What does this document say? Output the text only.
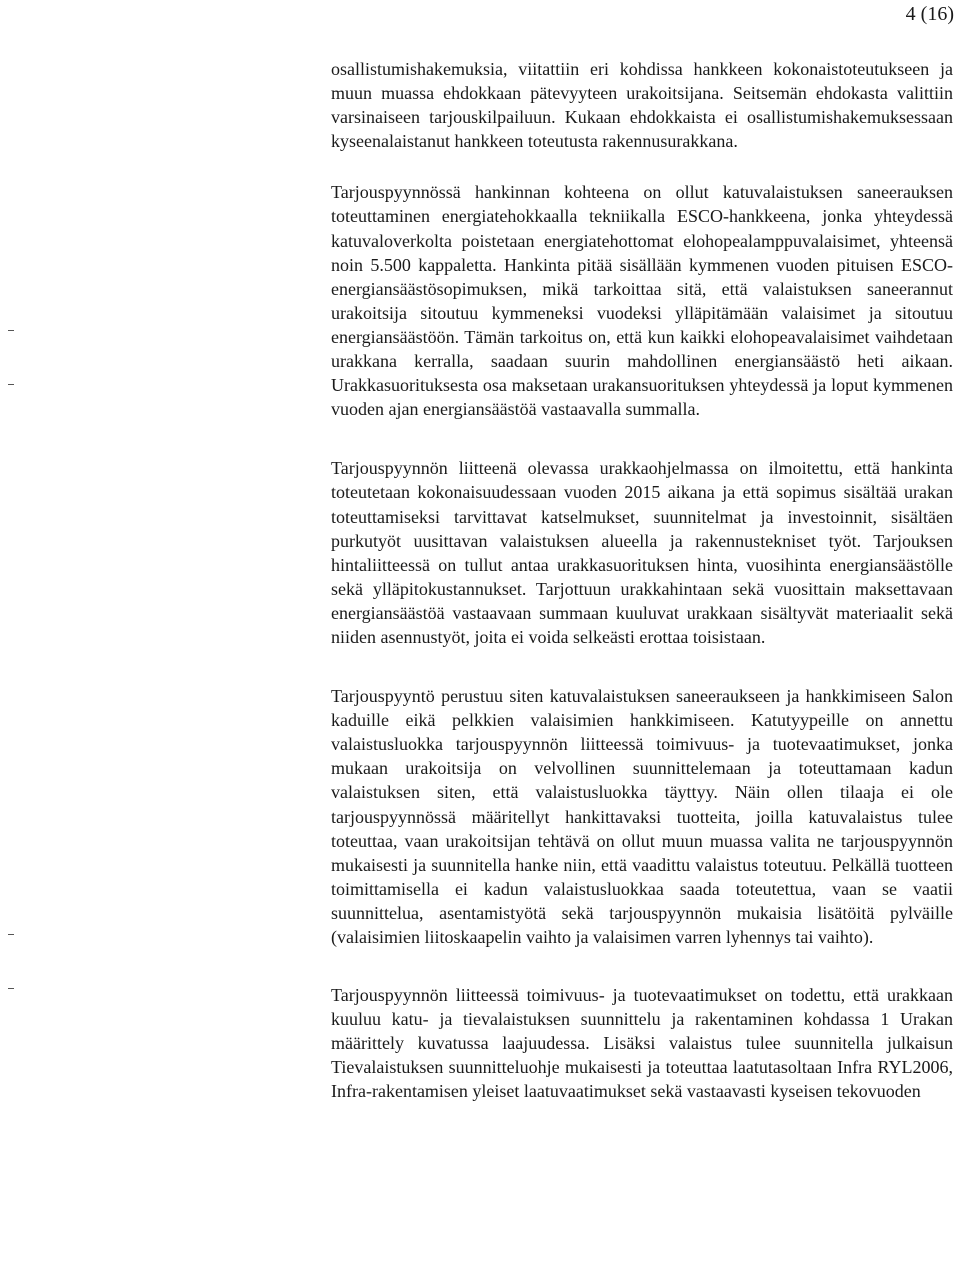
4 (16)

osallistumishakemuksia, viitattiin eri kohdissa hankkeen kokonaistoteutukseen ja muun muassa ehdokkaan pätevyyteen urakoitsijana. Seitsemän ehdokasta valittiin varsinaiseen tarjouskilpailuun. Kukaan ehdokkaista ei osallistumishakemuksessaan kyseenalaistanut hankkeen toteutusta rakennusurakkana.

Tarjouspyynnössä hankinnan kohteena on ollut katuvalaistuksen saneerauksen toteuttaminen energiatehokkaalla tekniikalla ESCO-hankkeena, jonka yhteydessä katuvaloverkolta poistetaan energiatehottomat elohopealamppuvalaisimet, yhteensä noin 5.500 kappaletta. Hankinta pitää sisällään kymmenen vuoden pituisen ESCO-energiansäästösopimuksen, mikä tarkoittaa sitä, että valaistuksen saneerannut urakoitsija sitoutuu kymmeneksi vuodeksi ylläpitämään valaisimet ja sitoutuu energiansäästöön. Tämän tarkoitus on, että kun kaikki elohopeavalaisimet vaihdetaan urakkana kerralla, saadaan suurin mahdollinen energiansäästö heti aikaan. Urakkasuorituksesta osa maksetaan urakansuorituksen yhteydessä ja loput kymmenen vuoden ajan energiansäästöä vastaavalla summalla.

Tarjouspyynnön liitteenä olevassa urakkaohjelmassa on ilmoitettu, että hankinta toteutetaan kokonaisuudessaan vuoden 2015 aikana ja että sopimus sisältää urakan toteuttamiseksi tarvittavat katselmukset, suunnitelmat ja investoinnit, sisältäen purkutyöt uusittavan valaistuksen alueella ja rakennustekniset työt. Tarjouksen hintaliitteessä on tullut antaa urakkasuorituksen hinta, vuosihinta energiansäästölle sekä ylläpitokustannukset. Tarjottuun urakkahintaan sekä vuosittain maksettavaan energiansäästöä vastaavaan summaan kuuluvat urakkaan sisältyvät materiaalit sekä niiden asennustyöt, joita ei voida selkeästi erottaa toisistaan.

Tarjouspyyntö perustuu siten katuvalaistuksen saneeraukseen ja hankkimiseen Salon kaduille eikä pelkkien valaisimien hankkimiseen. Katutyypeille on annettu valaistusluokka tarjouspyynnön liitteessä toimivuus- ja tuotevaatimukset, jonka mukaan urakoitsija on velvollinen suunnittelemaan ja toteuttamaan kadun valaistuksen siten, että valaistusluokka täyttyy. Näin ollen tilaaja ei ole tarjouspyynnössä määritellyt hankittavaksi tuotteita, joilla katuvalaistus tulee toteuttaa, vaan urakoitsijan tehtävä on ollut muun muassa valita ne tarjouspyynnön mukaisesti ja suunnitella hanke niin, että vaadittu valaistus toteutuu. Pelkällä tuotteen toimittamisella ei kadun valaistusluokkaa saada toteutettua, vaan se vaatii suunnittelua, asentamistyötä sekä tarjouspyynnön mukaisia lisätöitä pylväille (valaisimien liitoskaapelin vaihto ja valaisimen varren lyhennys tai vaihto).

Tarjouspyynnön liitteessä toimivuus- ja tuotevaatimukset on todettu, että urakkaan kuuluu katu- ja tievalaistuksen suunnittelu ja rakentaminen kohdassa 1 Urakan määrittely kuvatussa laajuudessa. Lisäksi valaistus tulee suunnitella julkaisun Tievalaistuksen suunnitteluohje mukaisesti ja toteuttaa laatutasoltaan Infra RYL2006, Infra-rakentamisen yleiset laatuvaatimukset sekä vastaavasti kyseisen tekovuoden
